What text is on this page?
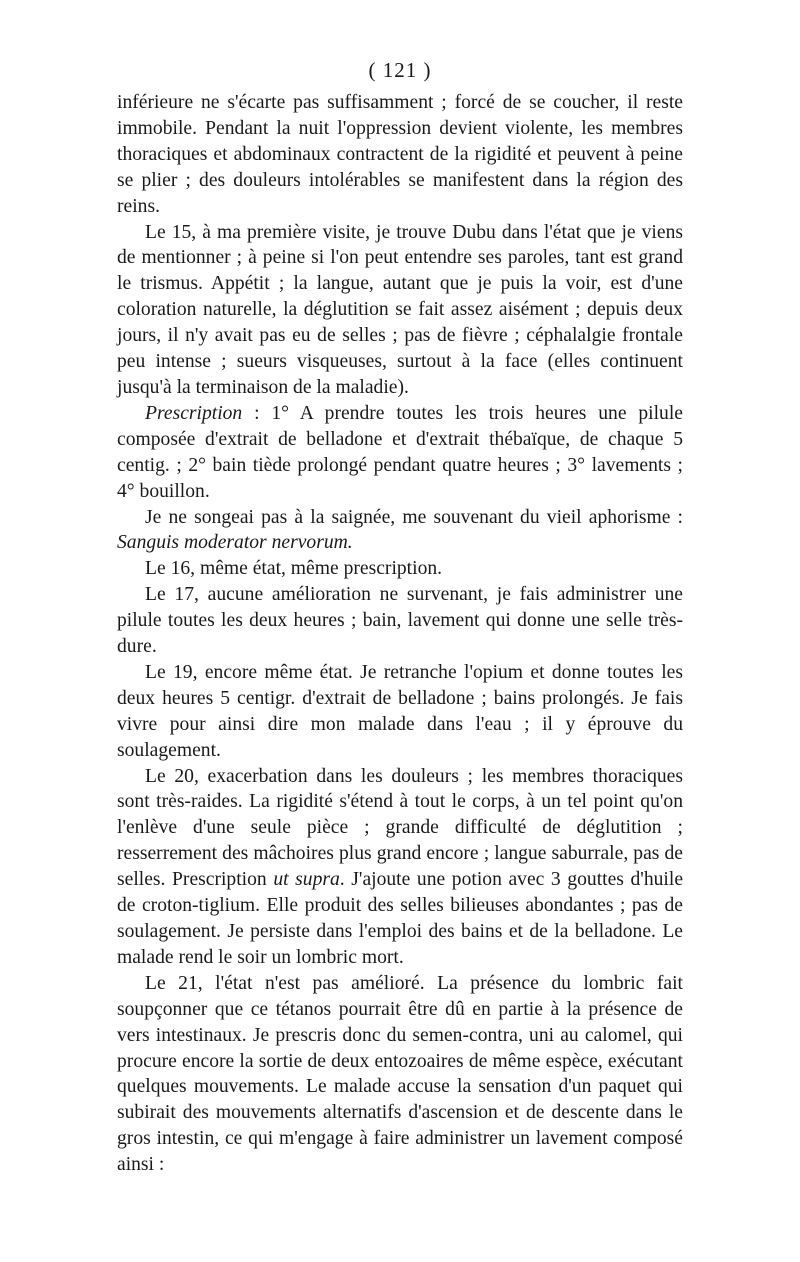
( 121 )

inférieure ne s'écarte pas suffisamment ; forcé de se coucher, il reste immobile. Pendant la nuit l'oppression devient violente, les membres thoraciques et abdominaux contractent de la rigidité et peuvent à peine se plier ; des douleurs intolérables se manifestent dans la région des reins.

Le 15, à ma première visite, je trouve Dubu dans l'état que je viens de mentionner ; à peine si l'on peut entendre ses paroles, tant est grand le trismus. Appétit ; la langue, autant que je puis la voir, est d'une coloration naturelle, la déglutition se fait assez aisément ; depuis deux jours, il n'y avait pas eu de selles ; pas de fièvre ; céphalalgie frontale peu intense ; sueurs visqueuses, surtout à la face (elles continuent jusqu'à la terminaison de la maladie).

Prescription : 1° A prendre toutes les trois heures une pilule composée d'extrait de belladone et d'extrait thébaïque, de chaque 5 centig. ; 2° bain tiède prolongé pendant quatre heures ; 3° lavements ; 4° bouillon.

Je ne songeai pas à la saignée, me souvenant du vieil aphorisme : Sanguis moderator nervorum.

Le 16, même état, même prescription.

Le 17, aucune amélioration ne survenant, je fais administrer une pilule toutes les deux heures ; bain, lavement qui donne une selle très-dure.

Le 19, encore même état. Je retranche l'opium et donne toutes les deux heures 5 centigr. d'extrait de belladone ; bains prolongés. Je fais vivre pour ainsi dire mon malade dans l'eau ; il y éprouve du soulagement.

Le 20, exacerbation dans les douleurs ; les membres thoraciques sont très-raides. La rigidité s'étend à tout le corps, à un tel point qu'on l'enlève d'une seule pièce ; grande difficulté de déglutition ; resserrement des mâchoires plus grand encore ; langue saburrale, pas de selles. Prescription ut supra. J'ajoute une potion avec 3 gouttes d'huile de croton-tiglium. Elle produit des selles bilieuses abondantes ; pas de soulagement. Je persiste dans l'emploi des bains et de la belladone. Le malade rend le soir un lombric mort.

Le 21, l'état n'est pas amélioré. La présence du lombric fait soupçonner que ce tétanos pourrait être dû en partie à la présence de vers intestinaux. Je prescris donc du semen-contra, uni au calomel, qui procure encore la sortie de deux entozoaires de même espèce, exécutant quelques mouvements. Le malade accuse la sensation d'un paquet qui subirait des mouvements alternatifs d'ascension et de descente dans le gros intestin, ce qui m'engage à faire administrer un lavement composé ainsi :
